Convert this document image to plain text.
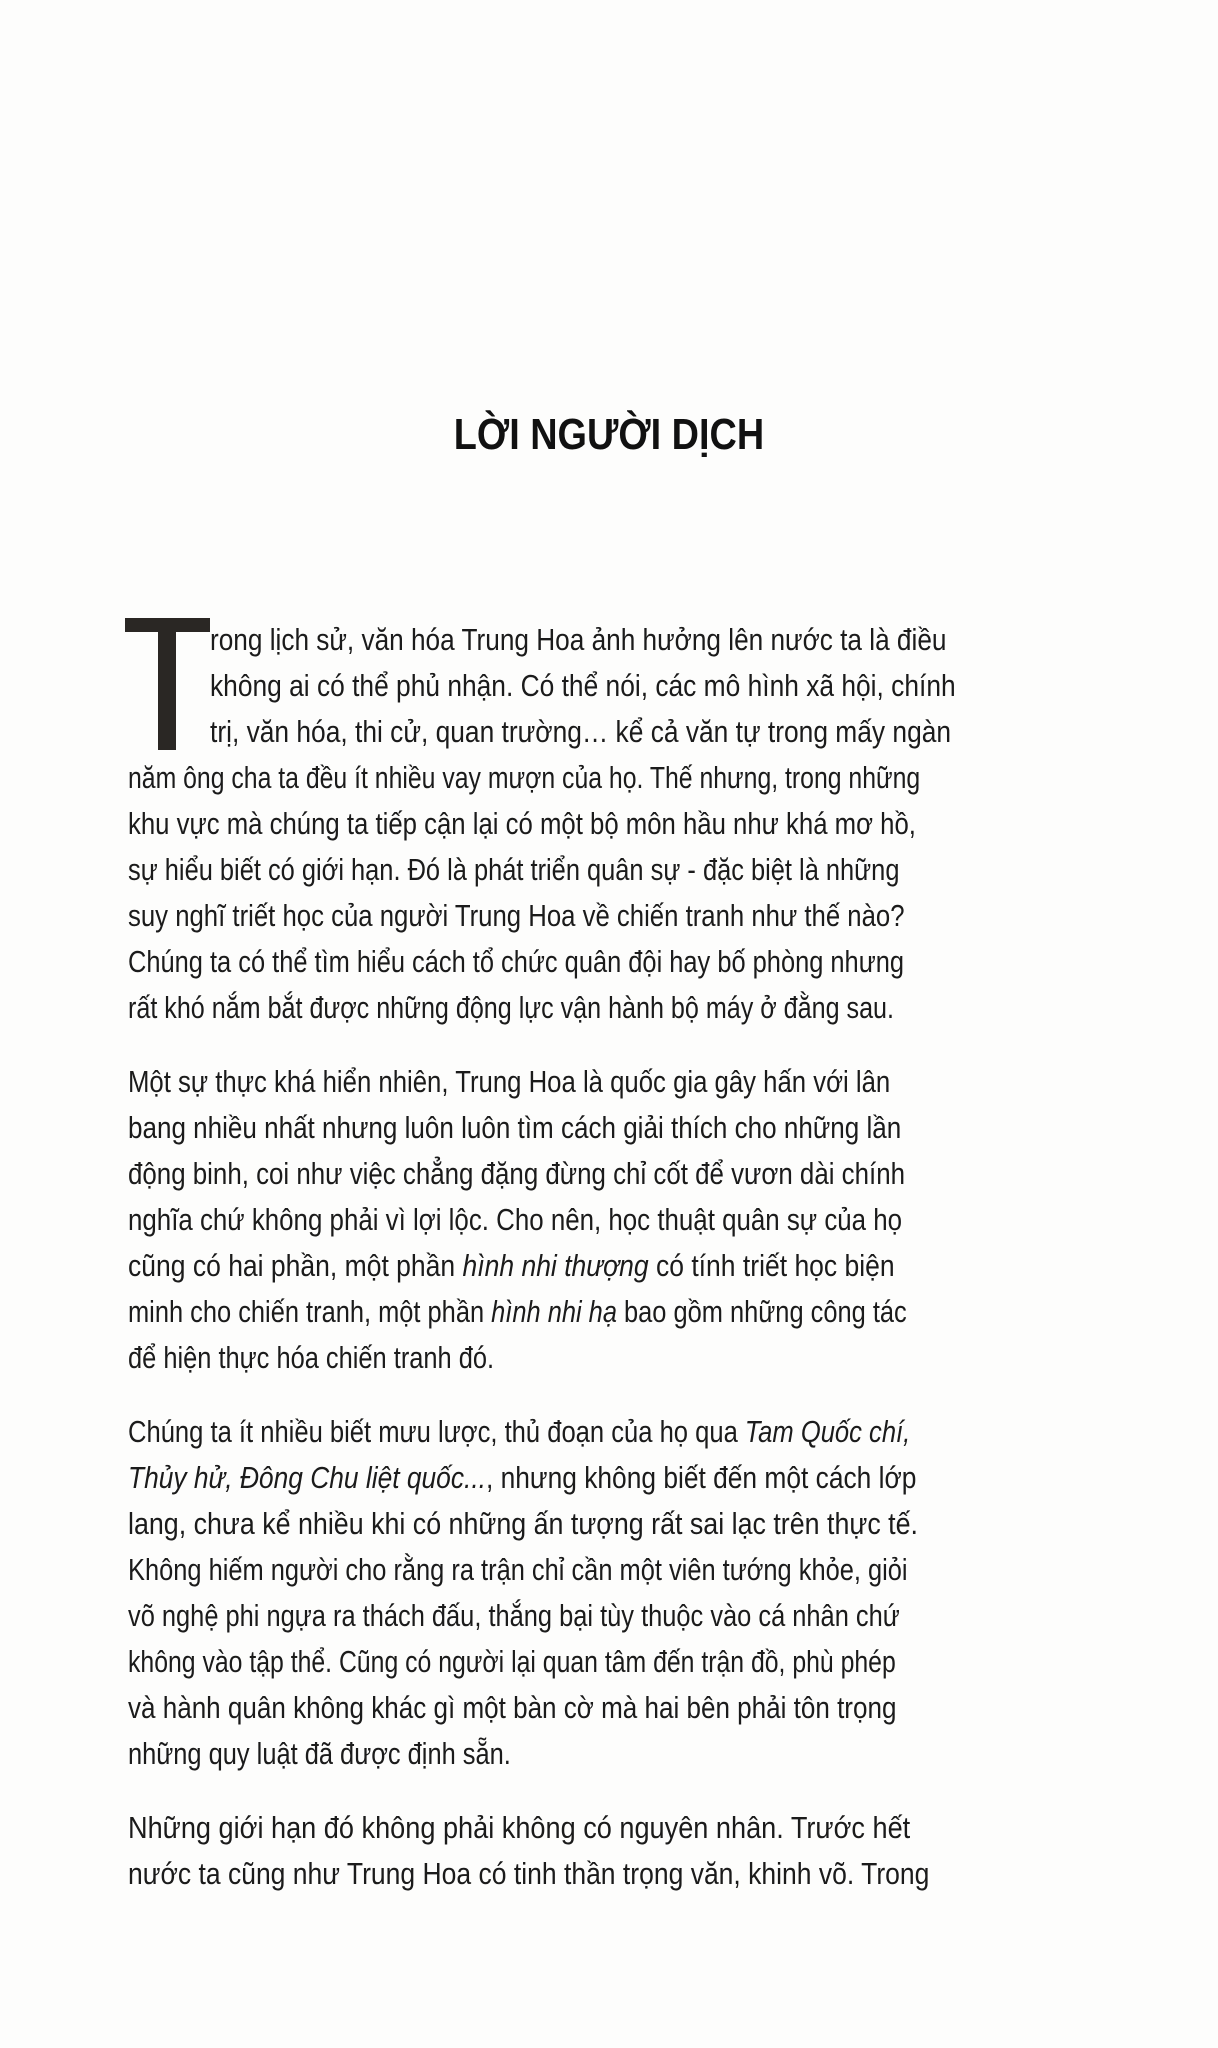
LỜI NGƯỜI DỊCH
rong lịch sử, văn hóa Trung Hoa ảnh hưởng lên nước ta là điều
không ai có thể phủ nhận. Có thể nói, các mô hình xã hội, chính
trị, văn hóa, thi cử, quan trường… kể cả văn tự trong mấy ngàn
năm ông cha ta đều ít nhiều vay mượn của họ. Thế nhưng, trong những
khu vực mà chúng ta tiếp cận lại có một bộ môn hầu như khá mơ hồ,
sự hiểu biết có giới hạn. Đó là phát triển quân sự - đặc biệt là những
suy nghĩ triết học của người Trung Hoa về chiến tranh như thế nào?
Chúng ta có thể tìm hiểu cách tổ chức quân đội hay bố phòng nhưng
rất khó nắm bắt được những động lực vận hành bộ máy ở đằng sau.
Một sự thực khá hiển nhiên, Trung Hoa là quốc gia gây hấn với lân
bang nhiều nhất nhưng luôn luôn tìm cách giải thích cho những lần
động binh, coi như việc chẳng đặng đừng chỉ cốt để vươn dài chính
nghĩa chứ không phải vì lợi lộc. Cho nên, học thuật quân sự của họ
cũng có hai phần, một phần hình nhi thượng có tính triết học biện
minh cho chiến tranh, một phần hình nhi hạ bao gồm những công tác
để hiện thực hóa chiến tranh đó.
Chúng ta ít nhiều biết mưu lược, thủ đoạn của họ qua Tam Quốc chí,
Thủy hử, Đông Chu liệt quốc..., nhưng không biết đến một cách lớp
lang, chưa kể nhiều khi có những ấn tượng rất sai lạc trên thực tế.
Không hiếm người cho rằng ra trận chỉ cần một viên tướng khỏe, giỏi
võ nghệ phi ngựa ra thách đấu, thắng bại tùy thuộc vào cá nhân chứ
không vào tập thể. Cũng có người lại quan tâm đến trận đồ, phù phép
và hành quân không khác gì một bàn cờ mà hai bên phải tôn trọng
những quy luật đã được định sẵn.
Những giới hạn đó không phải không có nguyên nhân. Trước hết
nước ta cũng như Trung Hoa có tinh thần trọng văn, khinh võ. Trong
